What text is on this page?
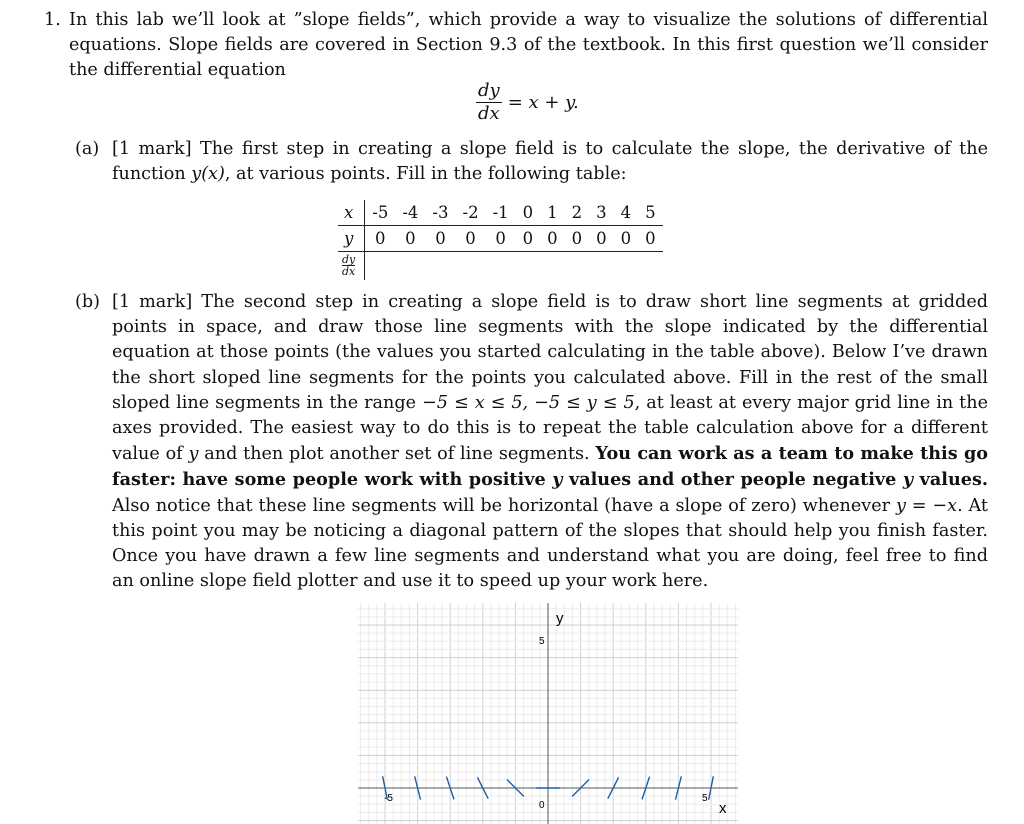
1. In this lab we’ll look at ”slope fields”, which provide a way to visualize the solutions of differential equations. Slope fields are covered in Section 9.3 of the textbook. In this first question we’ll consider the differential equation
$\frac{dy}{dx} = x + y$.
(a) [1 mark] The first step in creating a slope field is to calculate the slope, the derivative of the function y(x), at various points. Fill in the following table:
x	-5	-4	-3	-2	-1	0	1	2	3	4	5
y	0	0	0	0	0	0	0	0	0	0	0

$\frac{dy}{dx}$

(b) [1 mark] The second step in creating a slope field is to draw short line segments at gridded points in space, and draw those line segments with the slope indicated by the differential equation at those points (the values you started calculating in the table above). Below I’ve drawn the short sloped line segments for the points you calculated above. Fill in the rest of the small sloped line segments in the range −5 ≤ x ≤ 5, −5 ≤ y ≤ 5, at least at every major grid line in the axes provided. The easiest way to do this is to repeat the table calculation above for a different value of y and then plot another set of line segments. You can work as a team to make this go faster: have some people work with positive y values and other people negative y values. Also notice that these line segments will be horizontal (have a slope of zero) whenever y = −x. At this point you may be noticing a diagonal pattern of the slopes that should help you finish faster. Once you have drawn a few line segments and understand what you are doing, feel free to find an online slope field plotter and use it to speed up your work here.
y
5
0
-5	5
x
